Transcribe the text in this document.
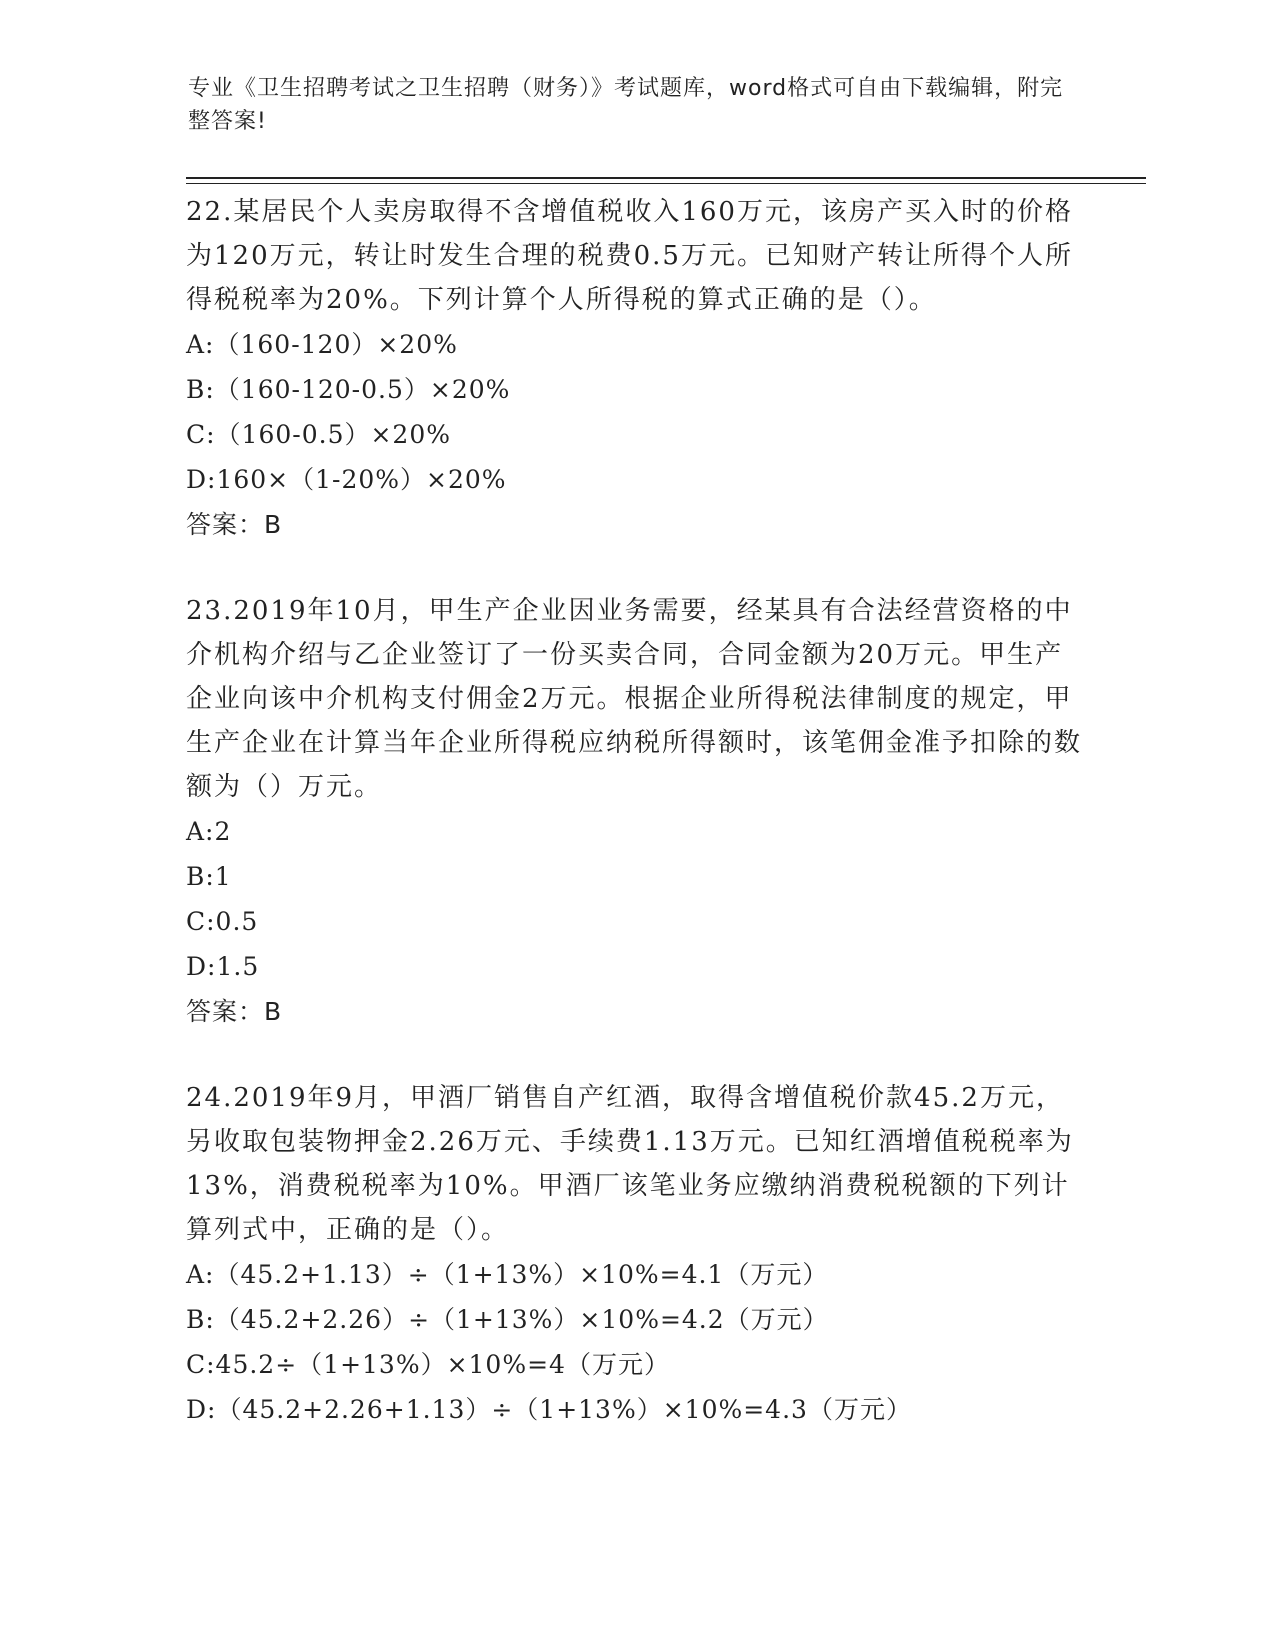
专业《卫生招聘考试之卫生招聘（财务）》考试题库，word格式可自由下载编辑，附完整答案!

22.某居民个人卖房取得不含增值税收入160万元，该房产买入时的价格为120万元，转让时发生合理的税费0.5万元。已知财产转让所得个人所得税税率为20%。下列计算个人所得税的算式正确的是（）。

A:（160-120）×20%

B:（160-120-0.5）×20%

C:（160-0.5）×20%

D:160×（1-20%）×20%

答案：B

23.2019年10月，甲生产企业因业务需要，经某具有合法经营资格的中介机构介绍与乙企业签订了一份买卖合同，合同金额为20万元。甲生产企业向该中介机构支付佣金2万元。根据企业所得税法律制度的规定，甲生产企业在计算当年企业所得税应纳税所得额时，该笔佣金准予扣除的数额为（）万元。

A:2

B:1

C:0.5

D:1.5

答案：B

24.2019年9月，甲酒厂销售自产红酒，取得含增值税价款45.2万元，另收取包装物押金2.26万元、手续费1.13万元。已知红酒增值税税率为13%，消费税税率为10%。甲酒厂该笔业务应缴纳消费税税额的下列计算列式中，正确的是（）。

A:（45.2+1.13）÷（1+13%）×10%=4.1（万元）

B:（45.2+2.26）÷（1+13%）×10%=4.2（万元）

C:45.2÷（1+13%）×10%=4（万元）

D:（45.2+2.26+1.13）÷（1+13%）×10%=4.3（万元）
